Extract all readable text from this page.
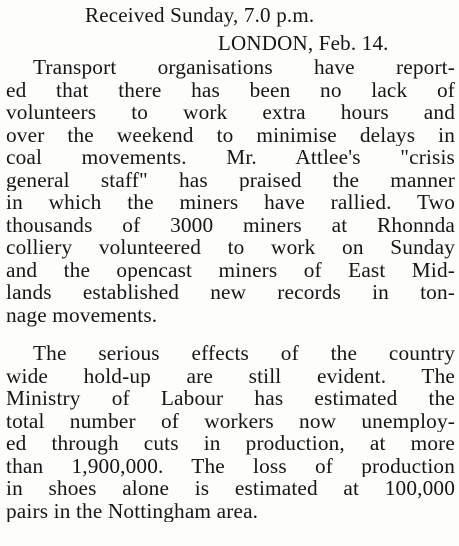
Received Sunday, 7.0 p.m.
LONDON, Feb. 14.
Transport organisations have report-
ed that there has been no lack of
volunteers to work extra hours and
over the weekend to minimise delays in
coal movements. Mr. Attlee's "crisis
general staff" has praised the manner
in which the miners have rallied. Two
thousands of 3000 miners at Rhonnda
colliery volunteered to work on Sunday
and the opencast miners of East Mid-
lands established new records in ton-
nage movements.
The serious effects of the country
wide hold-up are still evident. The
Ministry of Labour has estimated the
total number of workers now unemploy-
ed through cuts in production, at more
than 1,900,000. The loss of production
in shoes alone is estimated at 100,000
pairs in the Nottingham area.
